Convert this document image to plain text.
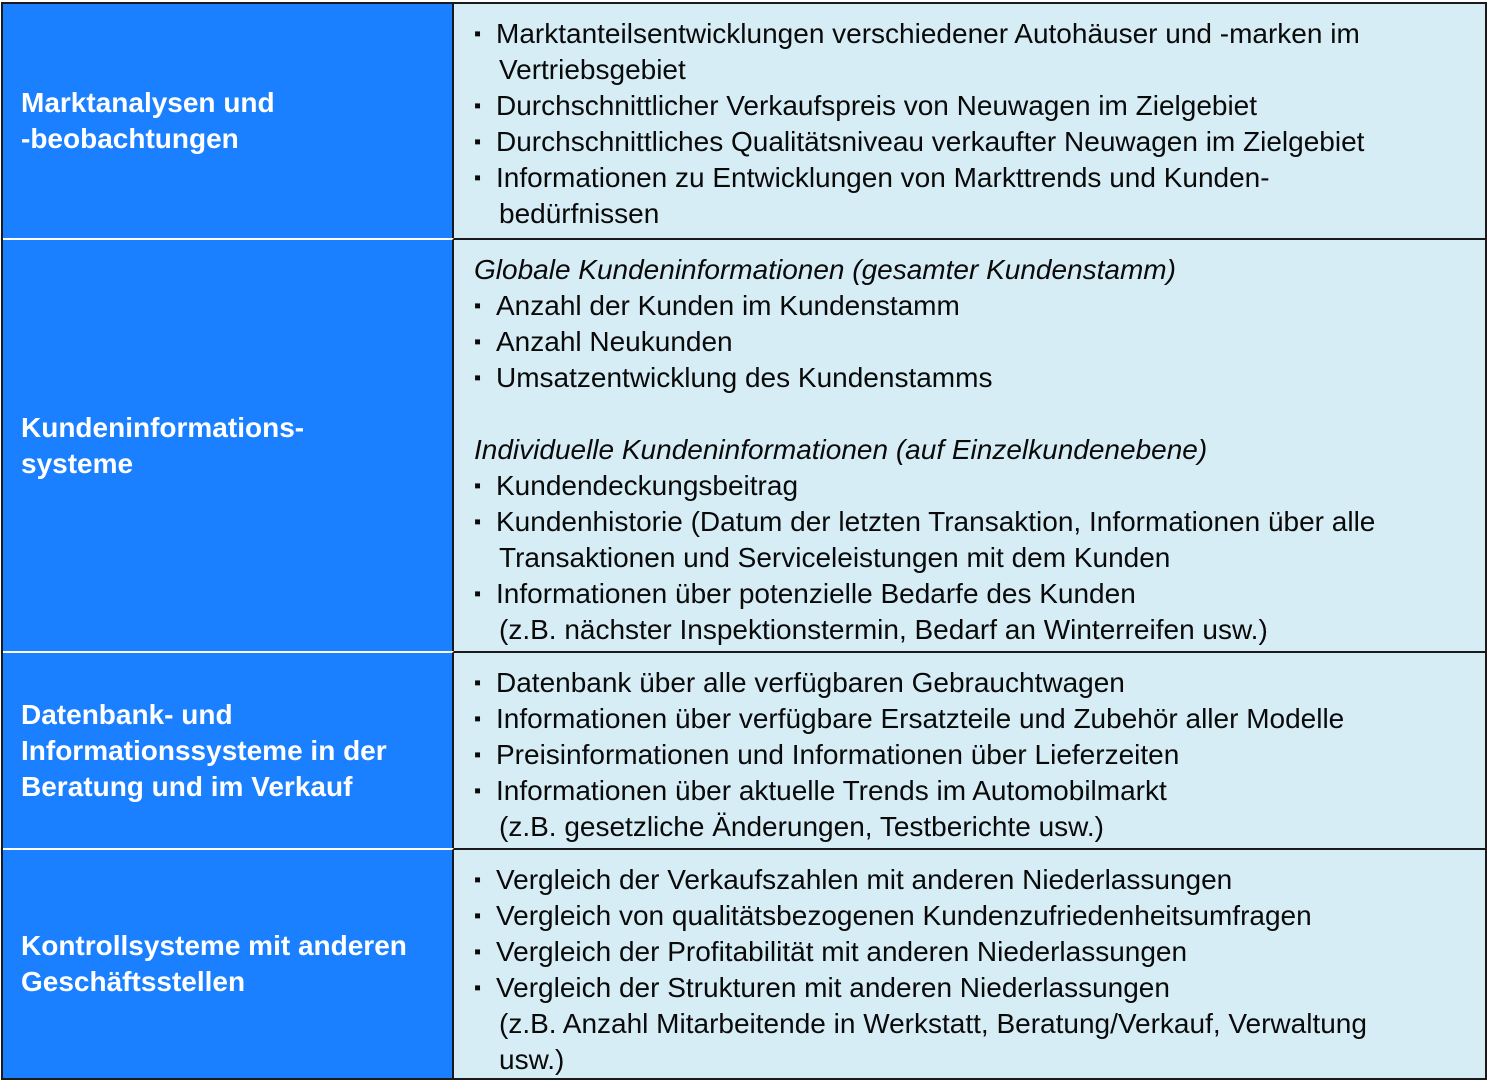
Marktanalysen und
-beobachtungen
▪ Marktanteilsentwicklungen verschiedener Autohäuser und -marken im
Vertriebsgebiet
▪ Durchschnittlicher Verkaufspreis von Neuwagen im Zielgebiet
▪ Durchschnittliches Qualitätsniveau verkaufter Neuwagen im Zielgebiet
▪ Informationen zu Entwicklungen von Markttrends und Kunden-
bedürfnissen
Kundeninformations-
systeme
Globale Kundeninformationen (gesamter Kundenstamm)
▪ Anzahl der Kunden im Kundenstamm
▪ Anzahl Neukunden
▪ Umsatzentwicklung des Kundenstamms
Individuelle Kundeninformationen (auf Einzelkundenebene)
▪ Kundendeckungsbeitrag
▪ Kundenhistorie (Datum der letzten Transaktion, Informationen über alle
Transaktionen und Serviceleistungen mit dem Kunden
▪ Informationen über potenzielle Bedarfe des Kunden
(z.B. nächster Inspektionstermin, Bedarf an Winterreifen usw.)
Datenbank- und
Informationssysteme in der
Beratung und im Verkauf
▪ Datenbank über alle verfügbaren Gebrauchtwagen
▪ Informationen über verfügbare Ersatzteile und Zubehör aller Modelle
▪ Preisinformationen und Informationen über Lieferzeiten
▪ Informationen über aktuelle Trends im Automobilmarkt
(z.B. gesetzliche Änderungen, Testberichte usw.)
Kontrollsysteme mit anderen
Geschäftsstellen
▪ Vergleich der Verkaufszahlen mit anderen Niederlassungen
▪ Vergleich von qualitätsbezogenen Kundenzufriedenheitsumfragen
▪ Vergleich der Profitabilität mit anderen Niederlassungen
▪ Vergleich der Strukturen mit anderen Niederlassungen
(z.B. Anzahl Mitarbeitende in Werkstatt, Beratung/Verkauf, Verwaltung
usw.)
